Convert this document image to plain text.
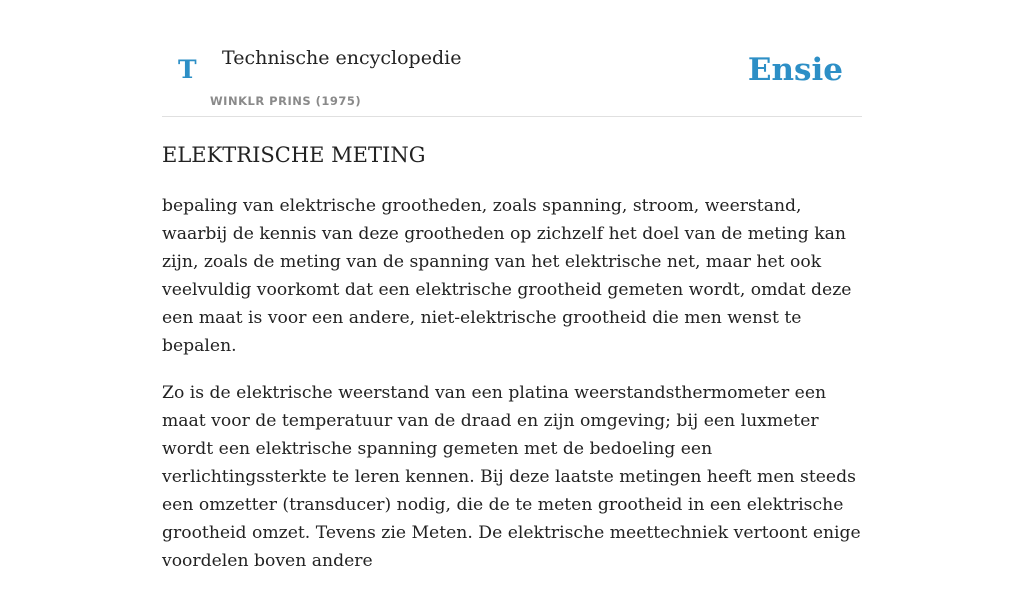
T Technische encyclopedie
WINKLR PRINS (1975)
Ensie
ELEKTRISCHE METING

bepaling van elektrische grootheden, zoals spanning, stroom, weerstand, waarbij de kennis van deze grootheden op zichzelf het doel van de meting kan zijn, zoals de meting van de spanning van het elektrische net, maar het ook veelvuldig voorkomt dat een elektrische grootheid gemeten wordt, omdat deze een maat is voor een andere, niet-elektrische grootheid die men wenst te bepalen.

Zo is de elektrische weerstand van een platina weerstandsthermometer een maat voor de temperatuur van de draad en zijn omgeving; bij een luxmeter wordt een elektrische spanning gemeten met de bedoeling een verlichtingssterkte te leren kennen. Bij deze laatste metingen heeft men steeds een omzetter (transducer) nodig, die de te meten grootheid in een elektrische grootheid omzet. Tevens zie Meten. De elektrische meettechniek vertoont enige voordelen boven andere
